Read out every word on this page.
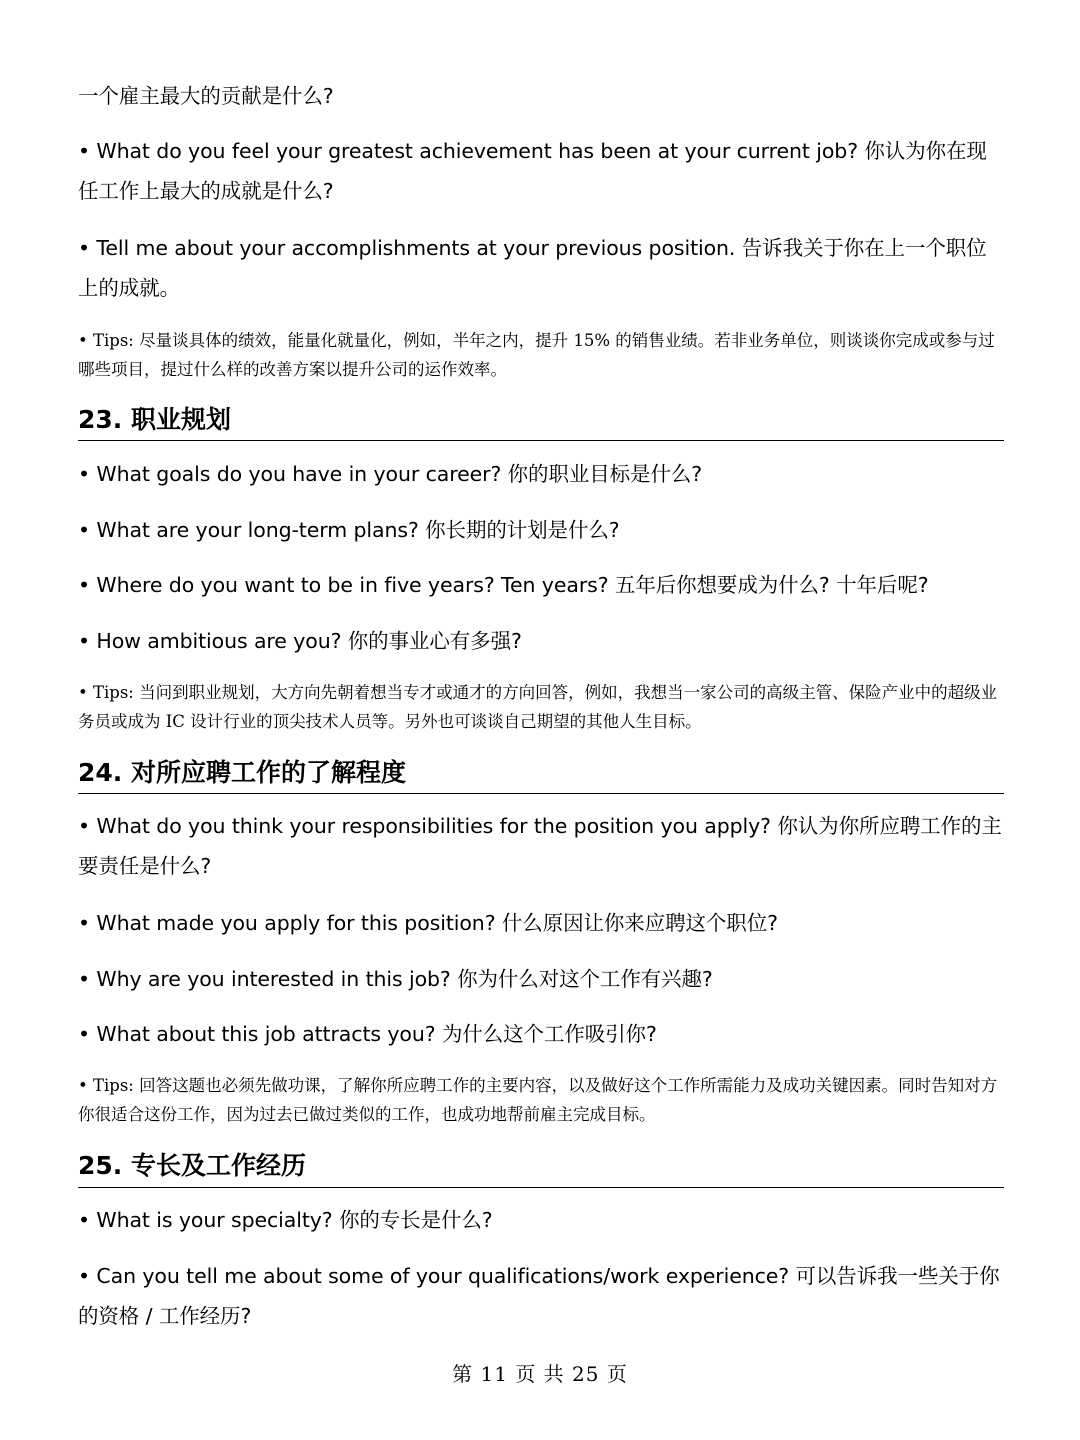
一个雇主最大的贡献是什么?
• What do you feel your greatest achievement has been at your current job? 你认为你在现任工作上最大的成就是什么?
• Tell me about your accomplishments at your previous position. 告诉我关于你在上一个职位上的成就。
• Tips: 尽量谈具体的绩效，能量化就量化，例如，半年之内，提升 15% 的销售业绩。若非业务单位，则谈谈你完成或参与过哪些项目，提过什么样的改善方案以提升公司的运作效率。
23. 职业规划
• What goals do you have in your career? 你的职业目标是什么?
• What are your long-term plans? 你长期的计划是什么?
• Where do you want to be in five years? Ten years? 五年后你想要成为什么? 十年后呢?
• How ambitious are you? 你的事业心有多强?
• Tips: 当问到职业规划，大方向先朝着想当专才或通才的方向回答，例如，我想当一家公司的高级主管、保险产业中的超级业务员或成为 IC 设计行业的顶尖技术人员等。另外也可谈谈自己期望的其他人生目标。
24. 对所应聘工作的了解程度
• What do you think your responsibilities for the position you apply? 你认为你所应聘工作的主要责任是什么?
• What made you apply for this position? 什么原因让你来应聘这个职位?
• Why are you interested in this job? 你为什么对这个工作有兴趣?
• What about this job attracts you? 为什么这个工作吸引你?
• Tips: 回答这题也必须先做功课，了解你所应聘工作的主要内容，以及做好这个工作所需能力及成功关键因素。同时告知对方你很适合这份工作，因为过去已做过类似的工作，也成功地帮前雇主完成目标。
25. 专长及工作经历
• What is your specialty? 你的专长是什么?
• Can you tell me about some of your qualifications/work experience? 可以告诉我一些关于你的资格 / 工作经历?
第 11 页 共 25 页
